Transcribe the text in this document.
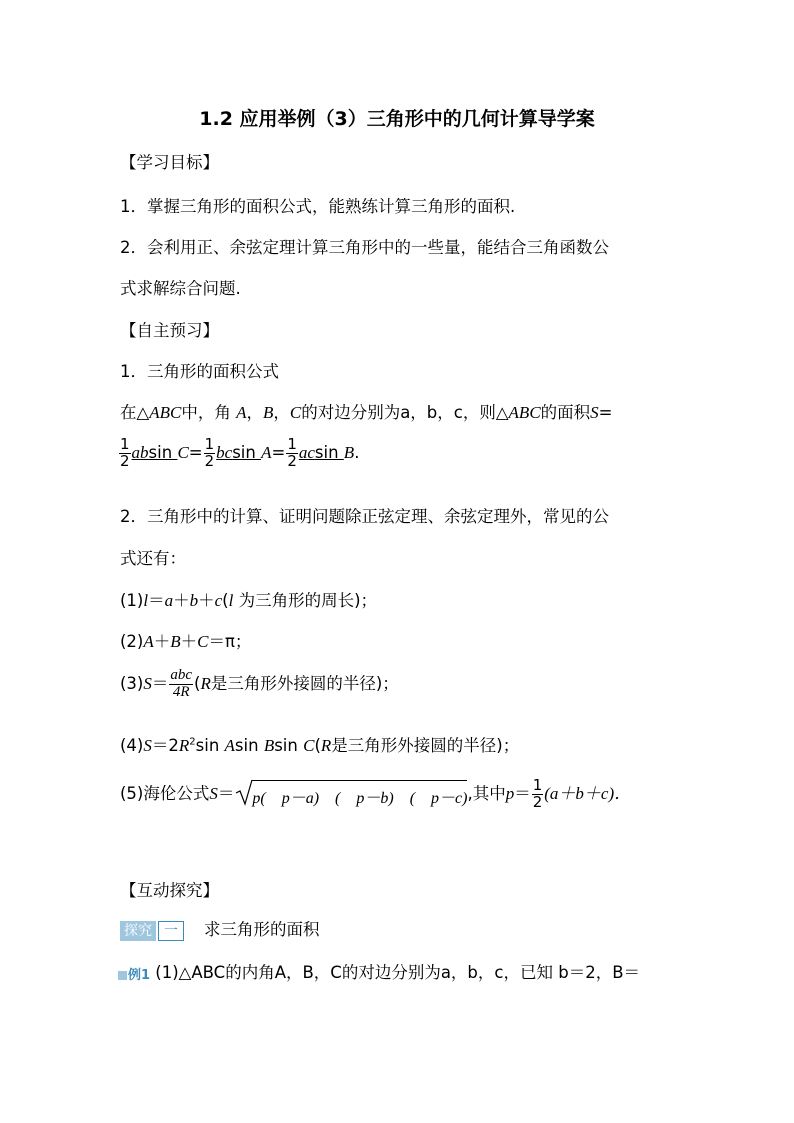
1.2 应用举例（3）三角形中的几何计算导学案
【学习目标】
1．掌握三角形的面积公式，能熟练计算三角形的面积.
2．会利用正、余弦定理计算三角形中的一些量，能结合三角函数公
式求解综合问题.
【自主预习】
1．三角形的面积公式
在△ABC中，角 A，B，C的对边分别为a，b，c，则△ABC的面积S=
$\frac{1}{2}$ absin $C= \frac{1}{2}$ bcsin $A= \frac{1}{2}$ acsin B.
2．三角形中的计算、证明问题除正弦定理、余弦定理外，常见的公
式还有：
(1)l＝a＋b＋c(l 为三角形的周长)；
(2)A＋B＋C＝π；
$(3)S= \frac{\text{abc}}{4R} (R$是三角形外接圆的半径)；
$(4)S=2R^2\sin$ Asin Bsin C(R是三角形外接圆的半径)；
(5)海伦公式S＝ p(　p－a)　(　p－b)　(　p－c),其中$p= \frac{1}{2} (a+b+c)$．
【互动探究】
探究 一 求三角形的面积
例1 (1)△ABC的内角A，B，C的对边分别为a，b，c，已知 b＝2，B＝
